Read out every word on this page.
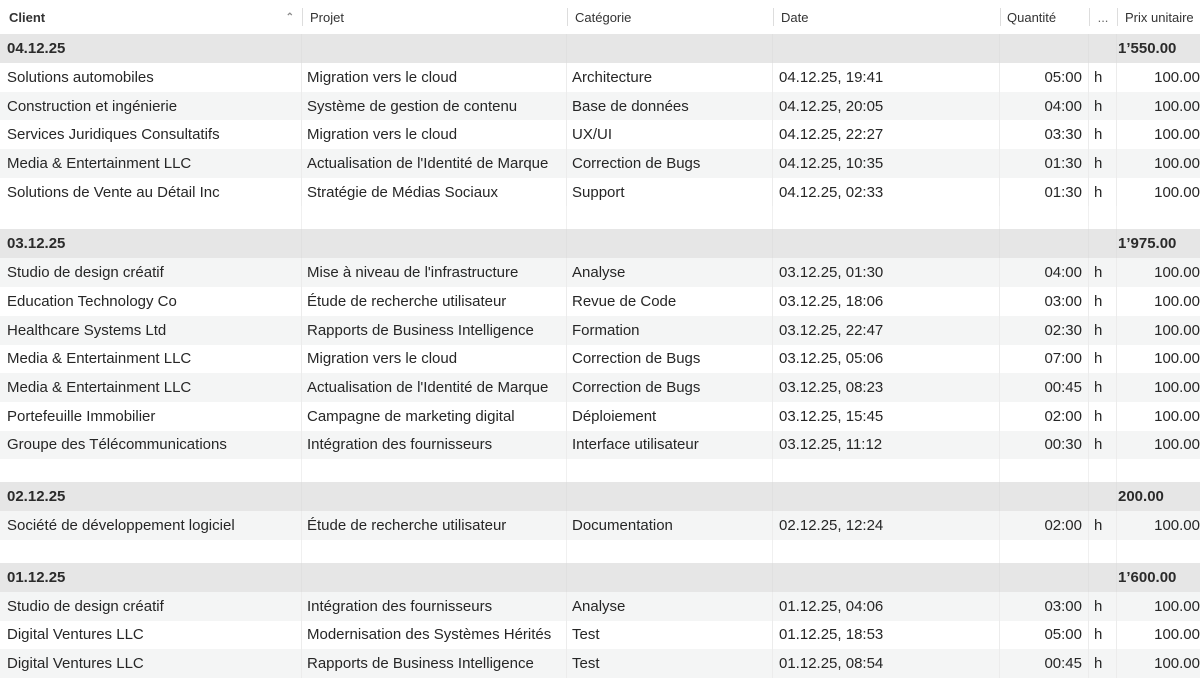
Client	⌃ Projet	Catégorie	Date	Quantité	... Prix unitaire
04.12.25	1’550.00
Solutions automobiles	Migration vers le cloud	Architecture	04.12.25, 19:41	05:00 h	100.00
Construction et ingénierie	Système de gestion de contenu	Base de données	04.12.25, 20:05	04:00 h	100.00
Services Juridiques Consultatifs	Migration vers le cloud	UX/UI	04.12.25, 22:27	03:30 h	100.00
Media & Entertainment LLC	Actualisation de l'Identité de Marque	Correction de Bugs	04.12.25, 10:35	01:30 h	100.00
Solutions de Vente au Détail Inc	Stratégie de Médias Sociaux	Support	04.12.25, 02:33	01:30 h	100.00
03.12.25	1’975.00
Studio de design créatif	Mise à niveau de l'infrastructure	Analyse	03.12.25, 01:30	04:00 h	100.00
Education Technology Co	Étude de recherche utilisateur	Revue de Code	03.12.25, 18:06	03:00 h	100.00
Healthcare Systems Ltd	Rapports de Business Intelligence	Formation	03.12.25, 22:47	02:30 h	100.00
Media & Entertainment LLC	Migration vers le cloud	Correction de Bugs	03.12.25, 05:06	07:00 h	100.00
Media & Entertainment LLC	Actualisation de l'Identité de Marque	Correction de Bugs	03.12.25, 08:23	00:45 h	100.00
Portefeuille Immobilier	Campagne de marketing digital	Déploiement	03.12.25, 15:45	02:00 h	100.00
Groupe des Télécommunications	Intégration des fournisseurs	Interface utilisateur	03.12.25, 11:12	00:30 h	100.00
02.12.25	200.00
Société de développement logiciel	Étude de recherche utilisateur	Documentation	02.12.25, 12:24	02:00 h	100.00
01.12.25	1’600.00
Studio de design créatif	Intégration des fournisseurs	Analyse	01.12.25, 04:06	03:00 h	100.00
Digital Ventures LLC	Modernisation des Systèmes Hérités	Test	01.12.25, 18:53	05:00 h	100.00
Digital Ventures LLC	Rapports de Business Intelligence	Test	01.12.25, 08:54	00:45 h	100.00
